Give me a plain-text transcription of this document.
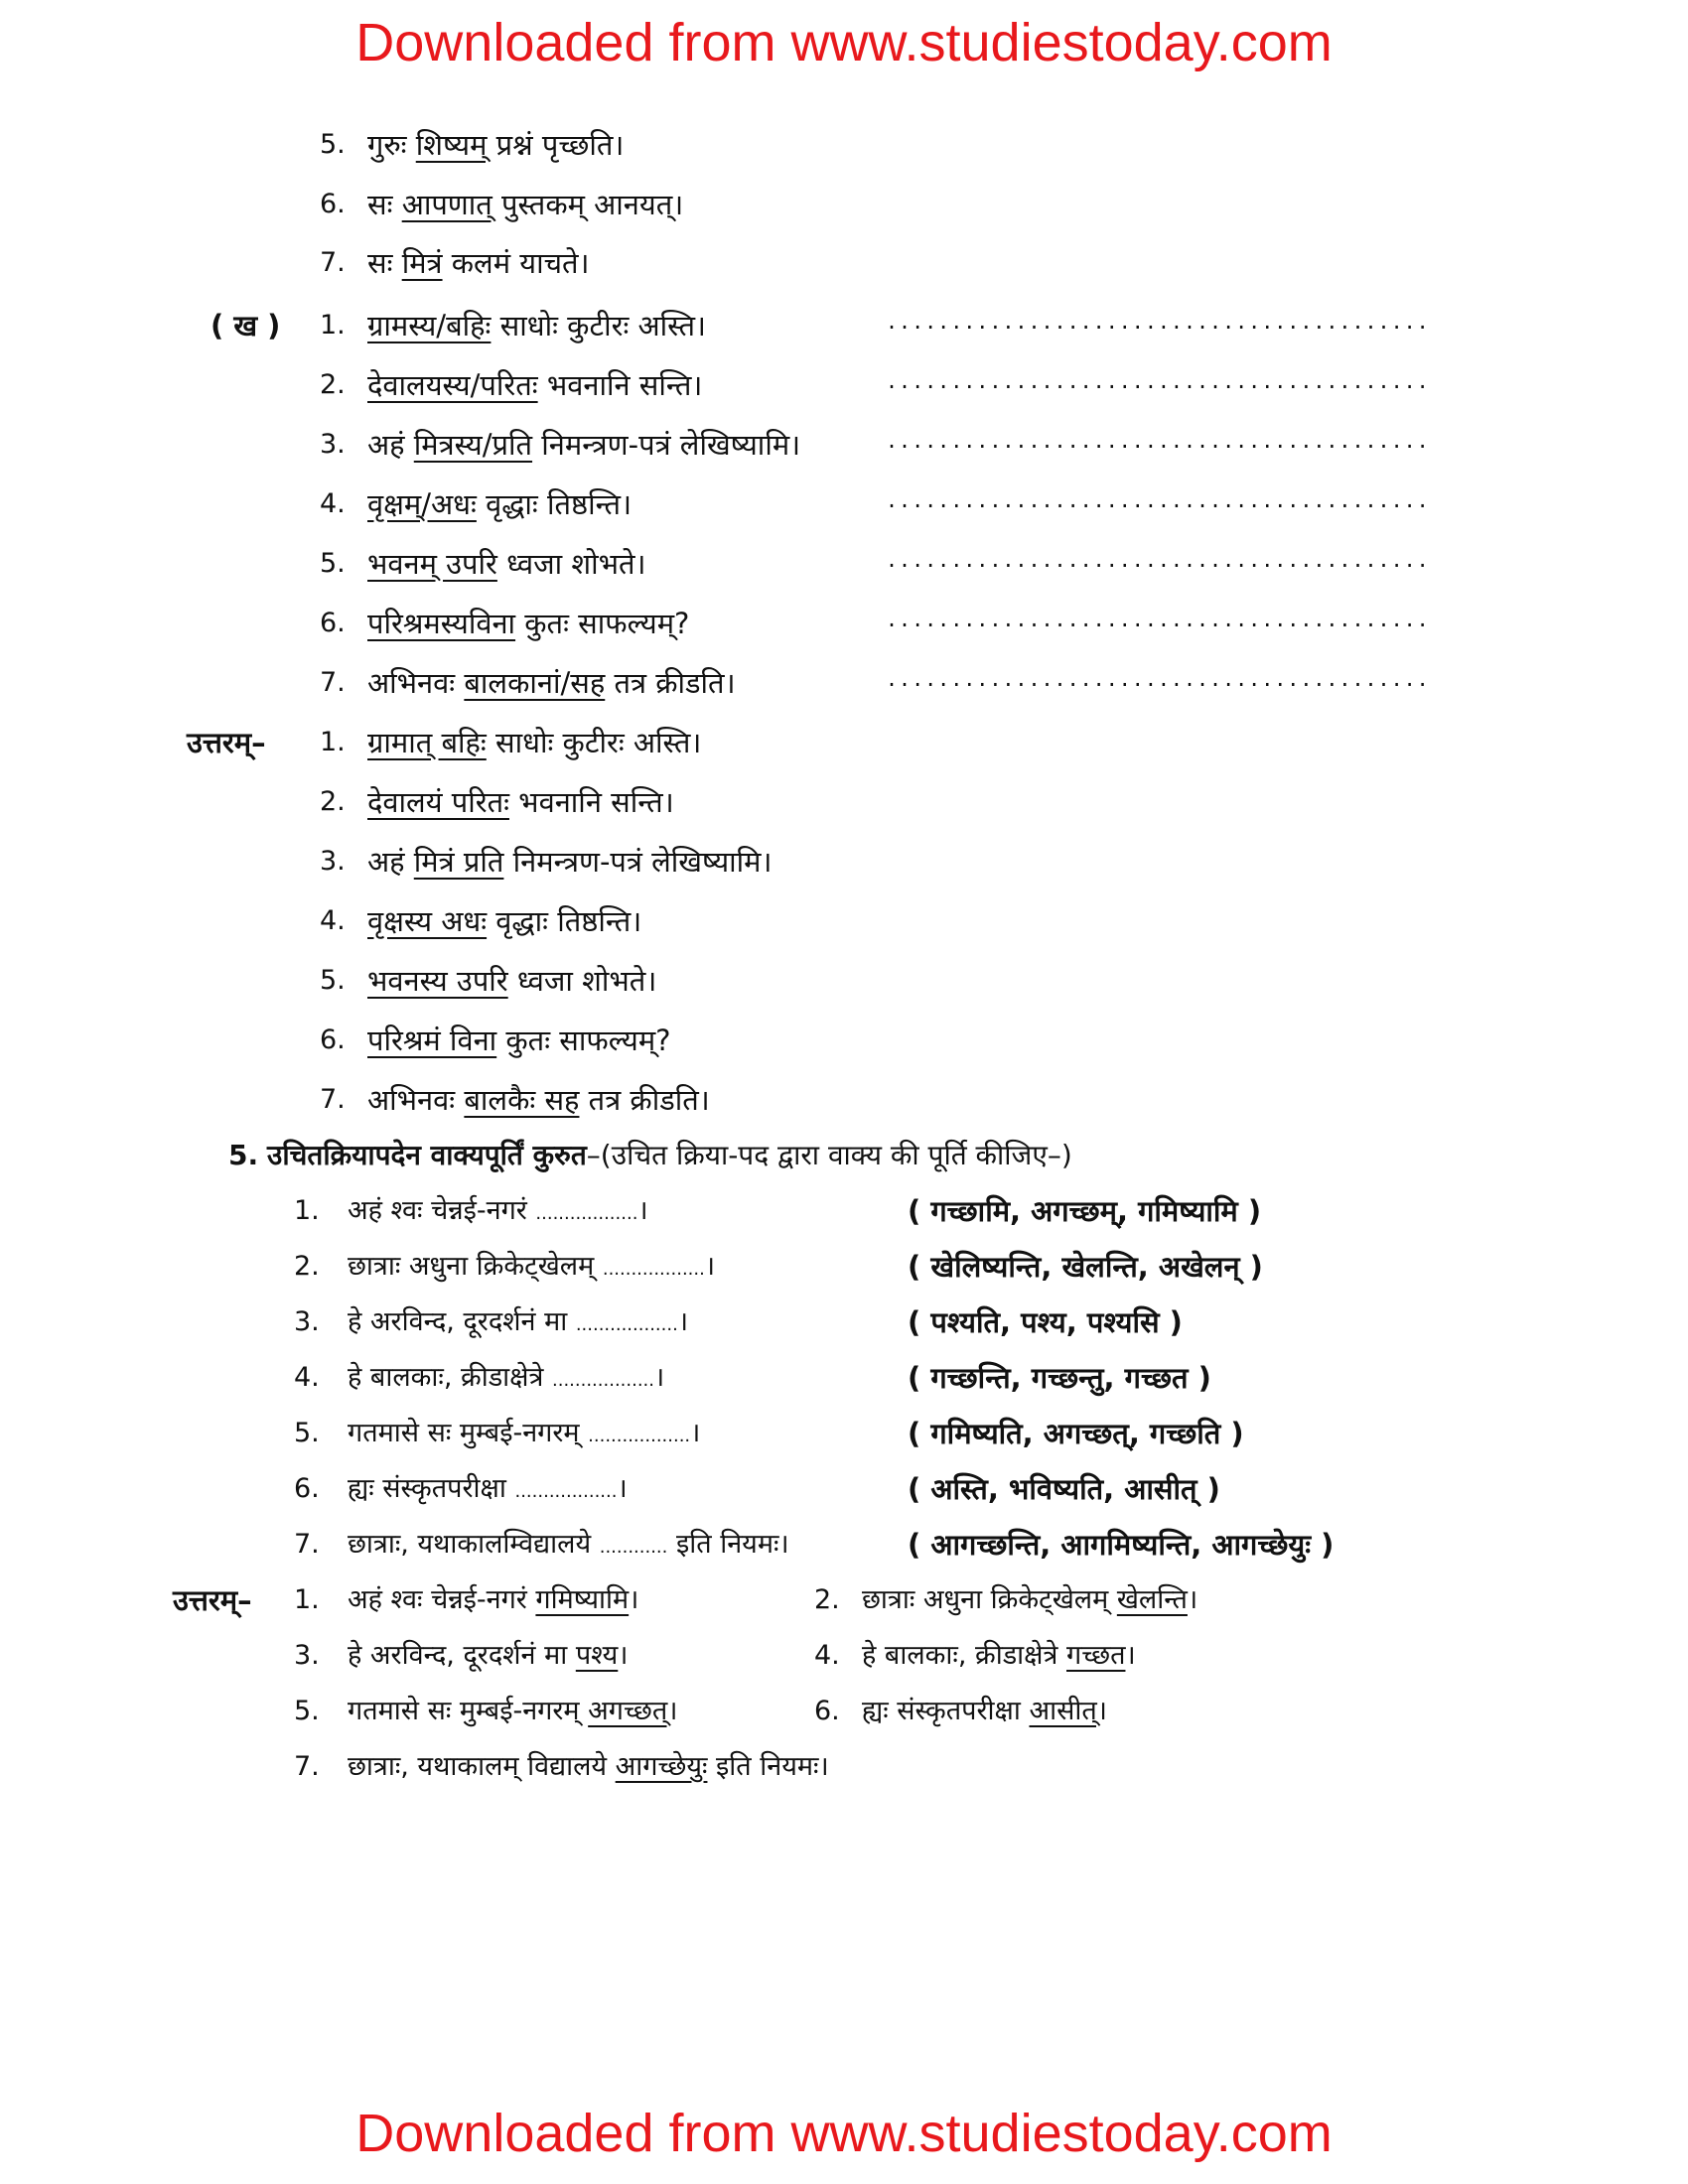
Downloaded from www.studiestoday.com
5. गुरुः शिष्यम् प्रश्नं पृच्छति।
6. सः आपणात् पुस्तकम् आनयत्।
7. सः मित्रं कलमं याचते।
( ख ) 1. ग्रामस्य/बहिः साधोः कुटीरः अस्ति।	..........................................
2. देवालयस्य/परितः भवनानि सन्ति।	..........................................
3. अहं मित्रस्य/प्रति निमन्त्रण-पत्रं लेखिष्यामि।	..........................................
4. वृक्षम्/अधः वृद्धाः तिष्ठन्ति।	..........................................
5. भवनम् उपरि ध्वजा शोभते।	..........................................
6. परिश्रमस्यविना कुतः साफल्यम्?	..........................................
7. अभिनवः बालकानां/सह तत्र क्रीडति।	..........................................
उत्तरम्– 1. ग्रामात् बहिः साधोः कुटीरः अस्ति।
2. देवालयं परितः भवनानि सन्ति।
3. अहं मित्रं प्रति निमन्त्रण-पत्रं लेखिष्यामि।
4. वृक्षस्य अधः वृद्धाः तिष्ठन्ति।
5. भवनस्य उपरि ध्वजा शोभते।
6. परिश्रमं विना कुतः साफल्यम्?
7. अभिनवः बालकैः सह तत्र क्रीडति।
5. उचितक्रियापदेन वाक्यपूर्तिं कुरुत–(उचित क्रिया-पद द्वारा वाक्य की पूर्ति कीजिए–)
1. अहं श्वः चेन्नई-नगरं ..................।	( गच्छामि, अगच्छम्, गमिष्यामि )
2. छात्राः अधुना क्रिकेट्खेलम् ..................।	( खेलिष्यन्ति, खेलन्ति, अखेलन् )
3. हे अरविन्द, दूरदर्शनं मा ..................।	( पश्यति, पश्य, पश्यसि )
4. हे बालकाः, क्रीडाक्षेत्रे ..................।	( गच्छन्ति, गच्छन्तु, गच्छत )
5. गतमासे सः मुम्बई-नगरम् ..................।	( गमिष्यति, अगच्छत्, गच्छति )
6. ह्यः संस्कृतपरीक्षा ..................।	( अस्ति, भविष्यति, आसीत् )
7. छात्राः, यथाकालम्विद्यालये ............ इति नियमः।	( आगच्छन्ति, आगमिष्यन्ति, आगच्छेयुः )
उत्तरम्– 1. अहं श्वः चेन्नई-नगरं गमिष्यामि।	2. छात्राः अधुना क्रिकेट्खेलम् खेलन्ति।
3. हे अरविन्द, दूरदर्शनं मा पश्य।	4. हे बालकाः, क्रीडाक्षेत्रे गच्छत।
5. गतमासे सः मुम्बई-नगरम् अगच्छत्।	6. ह्यः संस्कृतपरीक्षा आसीत्।
7. छात्राः, यथाकालम् विद्यालये आगच्छेयुः इति नियमः।
Downloaded from www.studiestoday.com
